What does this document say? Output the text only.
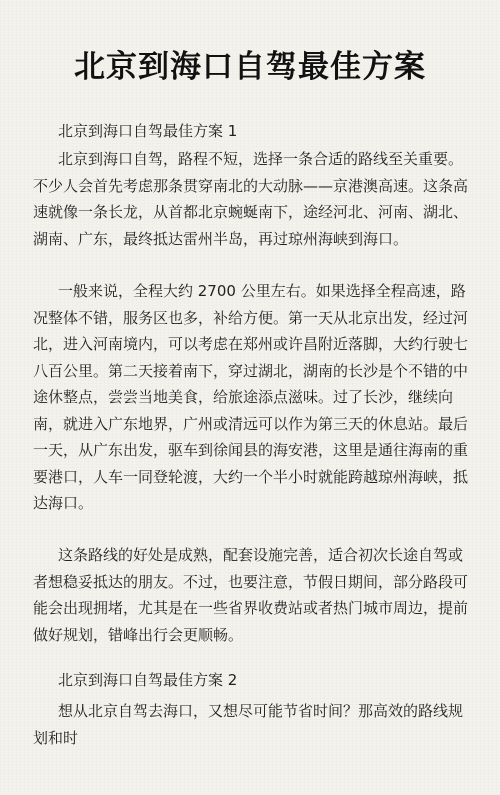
北京到海口自驾最佳方案
北京到海口自驾最佳方案 1

北京到海口自驾，路程不短，选择一条合适的路线至关重要。不少人会首先考虑那条贯穿南北的大动脉——京港澳高速。这条高速就像一条长龙，从首都北京蜿蜒南下，途经河北、河南、湖北、湖南、广东，最终抵达雷州半岛，再过琼州海峡到海口。

一般来说，全程大约 2700 公里左右。如果选择全程高速，路况整体不错，服务区也多，补给方便。第一天从北京出发，经过河北，进入河南境内，可以考虑在郑州或许昌附近落脚，大约行驶七八百公里。第二天接着南下，穿过湖北，湖南的长沙是个不错的中途休整点，尝尝当地美食，给旅途添点滋味。过了长沙，继续向南，就进入广东地界，广州或清远可以作为第三天的休息站。最后一天，从广东出发，驱车到徐闻县的海安港，这里是通往海南的重要港口，人车一同登轮渡，大约一个半小时就能跨越琼州海峡，抵达海口。

这条路线的好处是成熟，配套设施完善，适合初次长途自驾或者想稳妥抵达的朋友。不过，也要注意，节假日期间，部分路段可能会出现拥堵，尤其是在一些省界收费站或者热门城市周边，提前做好规划，错峰出行会更顺畅。

北京到海口自驾最佳方案 2

想从北京自驾去海口，又想尽可能节省时间？那高效的路线规划和时
